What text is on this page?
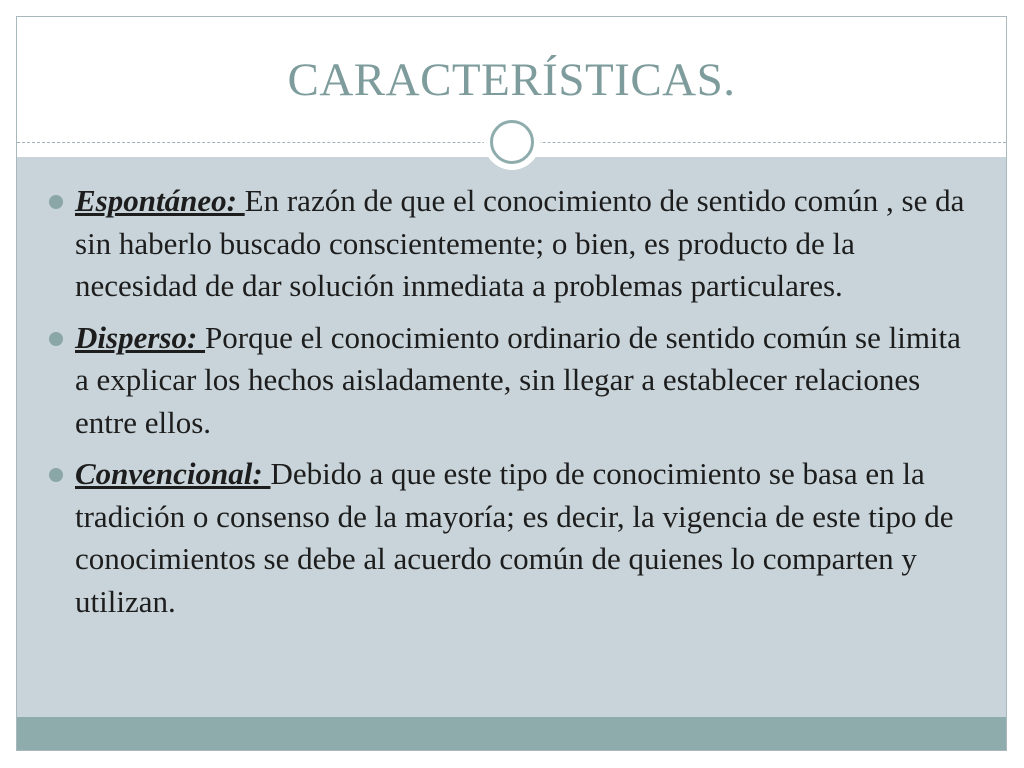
CARACTERÍSTICAS.
Espontáneo: En razón de que el conocimiento de sentido común , se da sin haberlo buscado conscientemente; o bien, es producto de la necesidad de dar solución inmediata a problemas particulares.
Disperso: Porque el conocimiento ordinario de sentido común se limita a explicar los hechos aisladamente, sin llegar a establecer relaciones entre ellos.
Convencional: Debido a que este tipo de conocimiento se basa en la tradición o consenso de la mayoría; es decir, la vigencia de este tipo de conocimientos se debe al acuerdo común de quienes lo comparten y utilizan.
